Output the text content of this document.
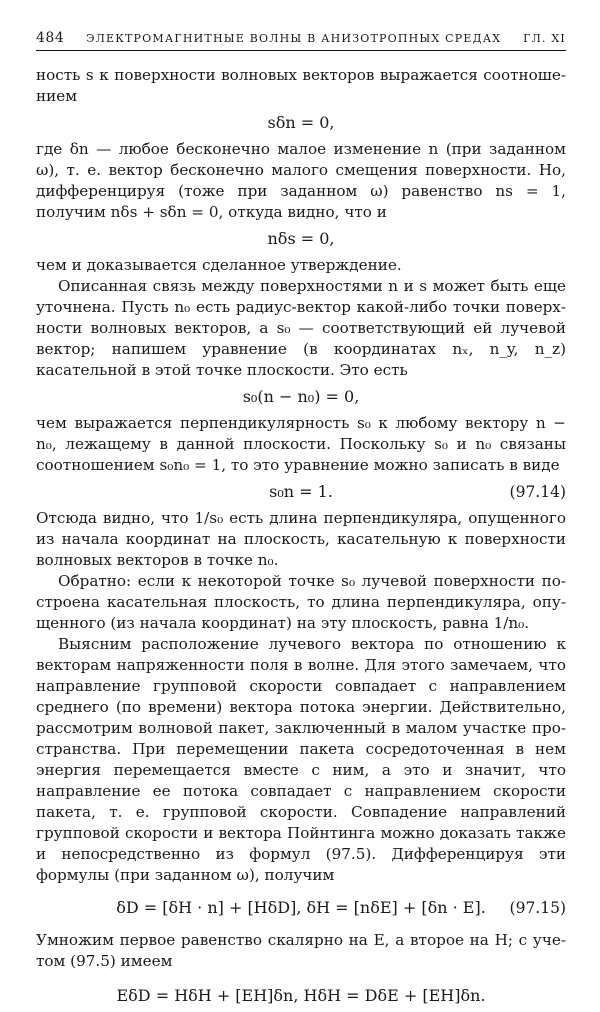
484 ЭЛЕКТРОМАГНИТНЫЕ ВОЛНЫ В АНИЗОТРОПНЫХ СРЕДАХ ГЛ. XI

ность s к поверхности волновых векторов выражается соотношением

sδn = 0,

где δn — любое бесконечно малое изменение n (при заданном ω), т. е. вектор бесконечно малого смещения поверхности. Но, дифференцируя (тоже при заданном ω) равенство ns = 1, получим nδs + sδn = 0, откуда видно, что и

nδs = 0,

чем и доказывается сделанное утверждение.

Описанная связь между поверхностями n и s может быть еще уточнена. Пусть n₀ есть радиус-вектор какой-либо точки поверхности волновых векторов, а s₀ — соответствующий ей лучевой вектор; напишем уравнение (в координатах nₓ, n_y, n_z) касательной в этой точке плоскости. Это есть

s₀(n − n₀) = 0,

чем выражается перпендикулярность s₀ к любому вектору n − n₀, лежащему в данной плоскости. Поскольку s₀ и n₀ связаны соотношением s₀n₀ = 1, то это уравнение можно записать в виде

s₀n = 1.	(97.14)

Отсюда видно, что 1/s₀ есть длина перпендикуляра, опущенного из начала координат на плоскость, касательную к поверхности волновых векторов в точке n₀.

Обратно: если к некоторой точке s₀ лучевой поверхности построена касательная плоскость, то длина перпендикуляра, опущенного (из начала координат) на эту плоскость, равна 1/n₀.

Выясним расположение лучевого вектора по отношению к векторам напряженности поля в волне. Для этого замечаем, что направление групповой скорости совпадает с направлением среднего (по времени) вектора потока энергии. Действительно, рассмотрим волновой пакет, заключенный в малом участке пространства. При перемещении пакета сосредоточенная в нем энергия перемещается вместе с ним, а это и значит, что направление ее потока совпадает с направлением скорости пакета, т. е. групповой скорости. Совпадение направлений групповой скорости и вектора Пойнтинга можно доказать также и непосредственно из формул (97.5). Дифференцируя эти формулы (при заданном ω), получим

δD = [δH · n] + [HδD], δH = [nδE] + [δn · E]. (97.15)

Умножим первое равенство скалярно на E, а второе на H; с учетом (97.5) имеем

EδD = HδH + [EH]δn, HδH = DδE + [EH]δn.
